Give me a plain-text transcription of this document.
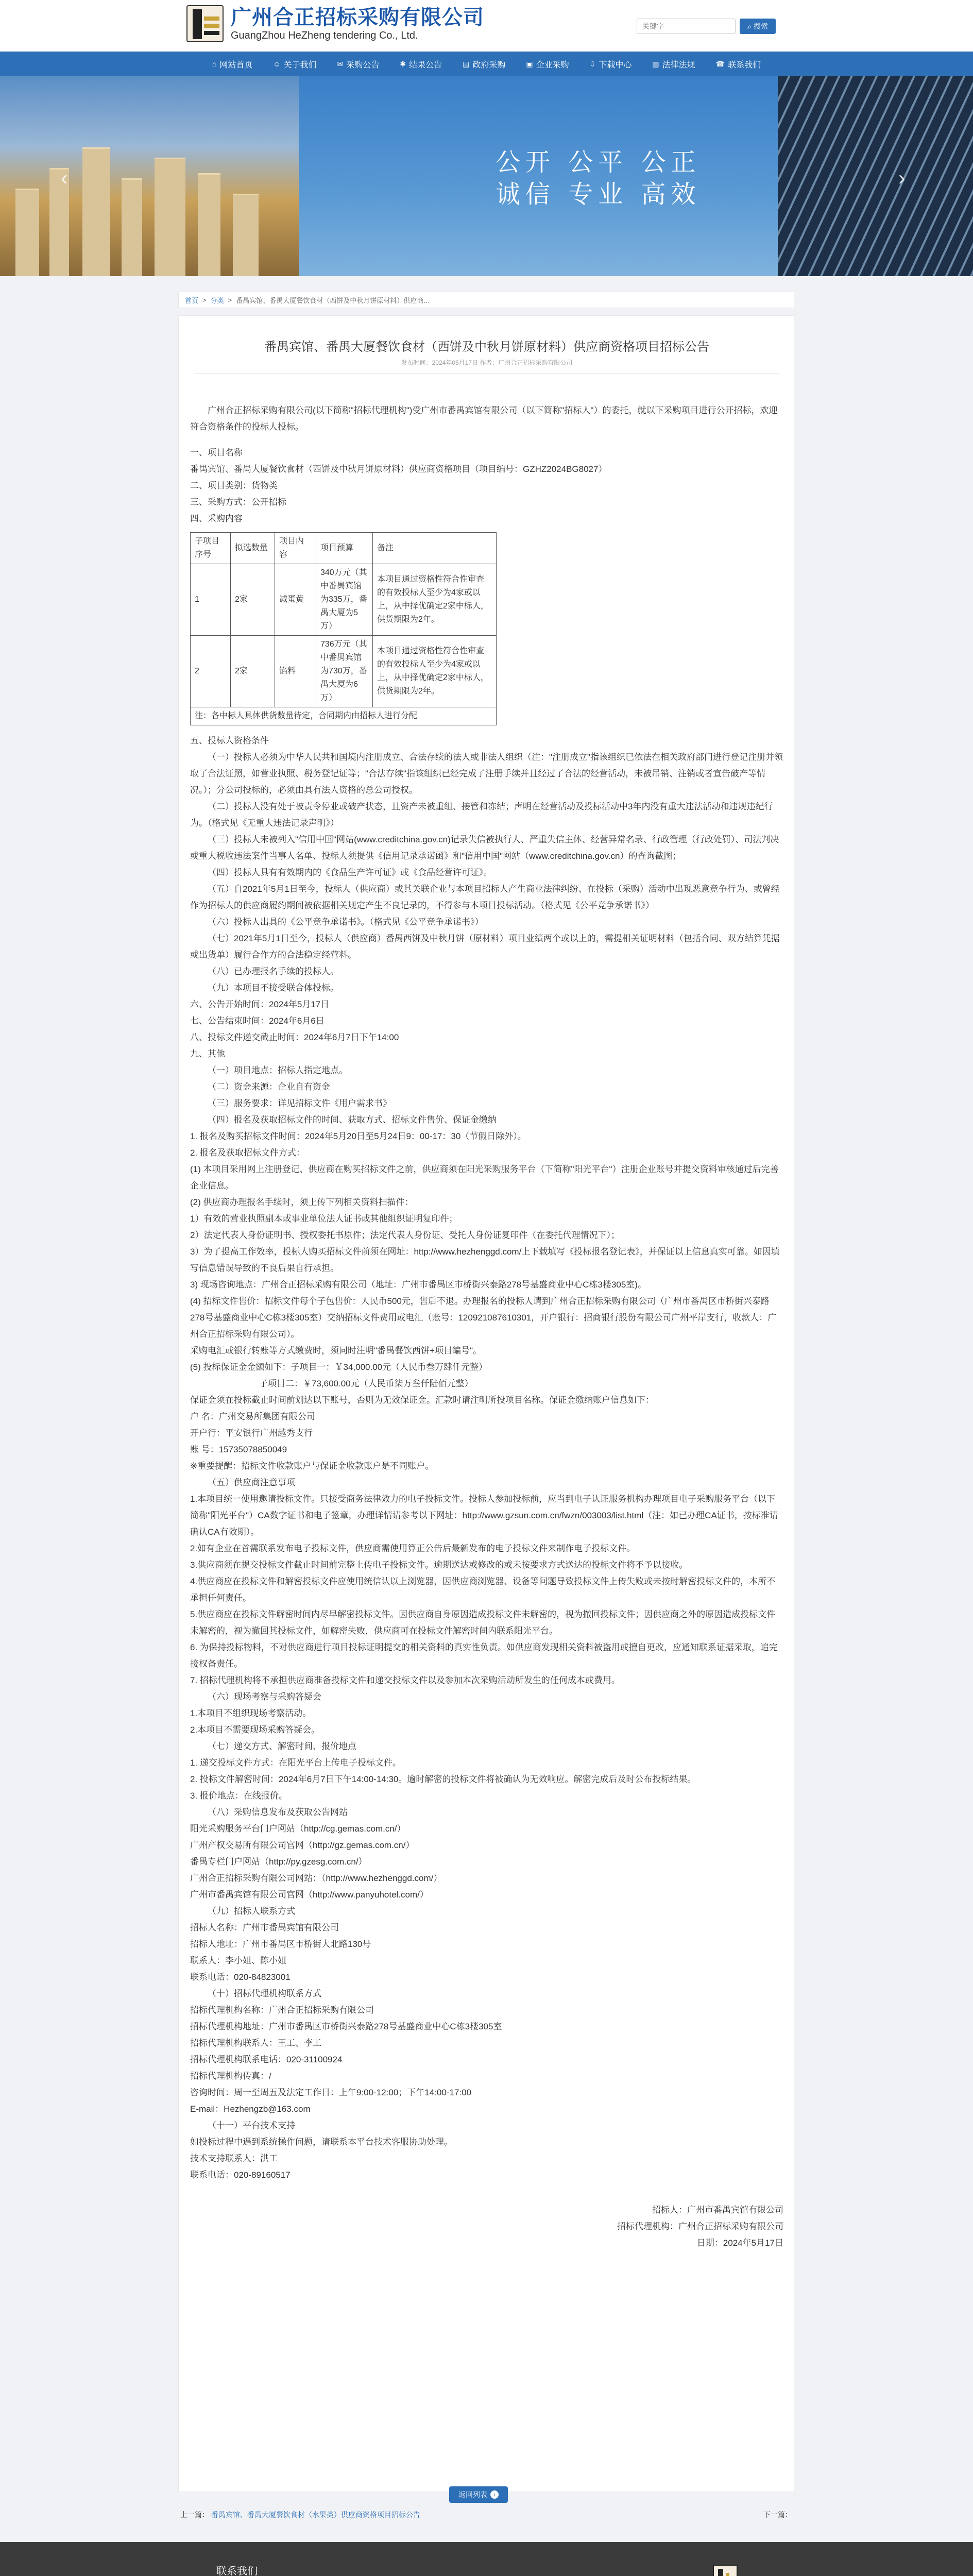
广州合正招标采购有限公司
GuangZhou HeZheng tendering Co., Ltd.
关键字
⌕ 搜索
⌂ 网站首页	☺ 关于我们	✉ 采购公告	✱ 结果公告	▤ 政府采购	▣ 企业采购	⇩ 下载中心	▥ 法律法规	☎ 联系我们
公开 公平 公正
诚信 专业 高效
‹	›
首页 > 分类 > 番禺宾馆、番禺大厦餐饮食材（西饼及中秋月饼原材料）供应商...
番禺宾馆、番禺大厦餐饮食材（西饼及中秋月饼原材料）供应商资格项目招标公告
发布时间：2024年05月17日 作者：广州合正招标采购有限公司

广州合正招标采购有限公司(以下简称"招标代理机构")受广州市番禺宾馆有限公司（以下简称"招标人"）的委托，就以下采购项目进行公开招标，欢迎符合资格条件的投标人投标。

一、项目名称

番禺宾馆、番禺大厦餐饮食材（西饼及中秋月饼原材料）供应商资格项目（项目编号：GZHZ2024BG8027）

二、项目类别：货物类

三、采购方式：公开招标

四、采购内容

子项目序号	拟选数量	项目内容	项目预算	备注
1	2家	减蛋黄	340万元（其中番禺宾馆为335万，番禺大厦为5万）	本项目通过资格性符合性审查的有效投标人至少为4家或以上，从中择优确定2家中标人，供货期限为2年。
2	2家	馅料	736万元（其中番禺宾馆为730万，番禺大厦为6万）	本项目通过资格性符合性审查的有效投标人至少为4家或以上，从中择优确定2家中标人，供货期限为2年。
注：各中标人具体供货数量待定，合同期内由招标人进行分配				

五、投标人资格条件

（一）投标人必须为中华人民共和国境内注册成立、合法存续的法人或非法人组织（注："注册成立"指该组织已依法在相关政府部门进行登记注册并领取了合法证照，如营业执照、税务登记证等；"合法存续"指该组织已经完成了注册手续并且经过了合法的经营活动，未被吊销、注销或者宣告破产等情况。）；分公司投标的，必须由具有法人资格的总公司授权。

（二）投标人没有处于被责令停业或破产状态，且资产未被重组、接管和冻结；声明在经营活动及投标活动中3年内没有重大违法活动和违规违纪行为。（格式见《无重大违法记录声明》）

（三）投标人未被列入"信用中国"网站(www.creditchina.gov.cn)记录失信被执行人、严重失信主体、经营异常名录、行政管理（行政处罚）、司法判决或重大税收违法案件当事人名单、投标人须提供《信用记录承诺函》和"信用中国"网站（www.creditchina.gov.cn）的查询截图；

（四）投标人具有有效期内的《食品生产许可证》或《食品经营许可证》。

（五）自2021年5月1日至今，投标人（供应商）或其关联企业与本项目招标人产生商业法律纠纷、在投标（采购）活动中出现恶意竞争行为、或曾经作为招标人的供应商履约期间被依据相关规定产生不良记录的，不得参与本项目投标活动。（格式见《公平竞争承诺书》）

（六）投标人出具的《公平竞争承诺书》。（格式见《公平竞争承诺书》）

（七）2021年5月1日至今，投标人（供应商）番禺西饼及中秋月饼（原材料）项目业绩两个或以上的，需提相关证明材料（包括合同、双方结算凭据或出货单）履行合作方的合法稳定经营料。

（八）已办理报名手续的投标人。

（九）本项目不接受联合体投标。

六、公告开始时间：2024年5月17日

七、公告结束时间：2024年6月6日

八、投标文件递交截止时间：2024年6月7日下午14:00

九、其他

（一）项目地点：招标人指定地点。

（二）资金来源：企业自有资金

（三）服务要求：详见招标文件《用户需求书》

（四）报名及获取招标文件的时间、获取方式、招标文件售价、保证金缴纳

1. 报名及购买招标文件时间：2024年5月20日至5月24日9：00-17：30（节假日除外）。

2. 报名及获取招标文件方式：

(1) 本项目采用网上注册登记、供应商在购买招标文件之前，供应商须在阳光采购服务平台（下简称"阳光平台"）注册企业账号并提交资料审核通过后完善企业信息。

(2) 供应商办理报名手续时，须上传下列相关资料扫描件：

1）有效的营业执照副本或事业单位法人证书或其他组织证明复印件；

2）法定代表人身份证明书、授权委托书原件；法定代表人身份证、受托人身份证复印件（在委托代理情况下）；

3）为了提高工作效率，投标人购买招标文件前须在网址：http://www.hezhenggd.com/上下载填写《投标报名登记表》，并保证以上信息真实可靠。如因填写信息错误导致的不良后果自行承担。

3) 现场咨询地点：广州合正招标采购有限公司（地址：广州市番禺区市桥街兴泰路278号基盛商业中心C栋3楼305室)。

(4) 招标文件售价：招标文件每个子包售价：人民币500元，售后不退。办理报名的投标人请到广州合正招标采购有限公司（广州市番禺区市桥街兴泰路278号基盛商业中心C栋3楼305室）交纳招标文件费用或电汇（账号：120921087610301，开户银行：招商银行股份有限公司广州平岸支行，收款人：广州合正招标采购有限公司）。

采购电汇或银行转账等方式缴费时，须同时注明"番禺餐饮西饼+项目编号"。

(5) 投标保证金金额如下：子项目一：￥34,000.00元（人民币叁万肆仟元整）

子项目二：￥73,600.00元（人民币柒万叁仟陆佰元整）

保证金须在投标截止时间前划达以下账号，否则为无效保证金。汇款时请注明所投项目名称。保证金缴纳账户信息如下：

户 名：广州交易所集团有限公司

开户行：平安银行广州越秀支行

账 号：15735078850049

※重要提醒：招标文件收款账户与保证金收款账户是不同账户。

（五）供应商注意事项

1.本项目统一使用邀请投标文件。只接受商务法律效力的电子投标文件。投标人参加投标前，应当到电子认证服务机构办理项目电子采购服务平台（以下简称"阳光平台"）CA数字证书和电子签章，办理详情请参考以下网址：http://www.gzsun.com.cn/fwzn/003003/list.html（注：如已办理CA证书，按标准请确认CA有效期）。

2.如有企业在首需联系发布电子投标文件，供应商需使用算正公告后最新发布的电子投标文件来制作电子投标文件。

3.供应商须在提交投标文件截止时间前完整上传电子投标文件。逾期送达或修改的或未按要求方式送达的投标文件将不予以接收。

4.供应商应在投标文件和解密投标文件应使用统信认以上浏览器，因供应商浏览器、设备等问题导致投标文件上传失败或未按时解密投标文件的，本所不承担任何责任。

5.供应商应在投标文件解密时间内尽早解密投标文件。因供应商自身原因造成投标文件未解密的，视为撤回投标文件；因供应商之外的原因造成投标文件未解密的，视为撤回其投标文件，如解密失败，供应商可在投标文件解密时间内联系阳光平台。

6. 为保持投标物料，不对供应商进行项目投标证明提交的相关资料的真实性负责。如供应商发现相关资料被盗用或擅自更改，应通知联系证据采取，追完接权备责任。

7. 招标代理机构将不承担供应商准备投标文件和递交投标文件以及参加本次采购活动所发生的任何成本或费用。

（六）现场考察与采购答疑会

1.本项目不组织现场考察活动。

2.本项目不需要现场采购答疑会。

（七）递交方式、解密时间、报价地点

1. 递交投标文件方式：在阳光平台上传电子投标文件。

2. 投标文件解密时间：2024年6月7日下午14:00-14:30。逾时解密的投标文件将被确认为无效响应。解密完成后及时公布投标结果。

3. 报价地点：在线报价。

（八）采购信息发布及获取公告网站

阳光采购服务平台门户网站（http://cg.gemas.com.cn/）

广州产权交易所有限公司官网（http://gz.gemas.com.cn/）

番禺专栏门户网站（http://py.gzesg.com.cn/）

广州合正招标采购有限公司网站：（http://www.hezhenggd.com/）

广州市番禺宾馆有限公司官网（http://www.panyuhotel.com/）

（九）招标人联系方式

招标人名称：广州市番禺宾馆有限公司

招标人地址：广州市番禺区市桥街大北路130号

联系人：李小姐、陈小姐

联系电话：020-84823001

（十）招标代理机构联系方式

招标代理机构名称：广州合正招标采购有限公司

招标代理机构地址：广州市番禺区市桥街兴泰路278号基盛商业中心C栋3楼305室

招标代理机构联系人：王工、李工

招标代理机构联系电话：020-31100924

招标代理机构传真：/

咨询时间：周一至周五及法定工作日：上午9:00-12:00；下午14:00-17:00

E-mail：Hezhengzb@163.com

（十一）平台技术支持

如投标过程中遇到系统操作问题，请联系本平台技术客服协助处理。

技术支持联系人：洪工

联系电话：020-89160517

招标人：广州市番禺宾馆有限公司

招标代理机构：广州合正招标采购有限公司

日期：2024年5月17日

返回列表	›
上一篇： 番禺宾馆、番禺大厦餐饮食材（水果类）供应商资格项目招标公告	下一篇：
联系我们
